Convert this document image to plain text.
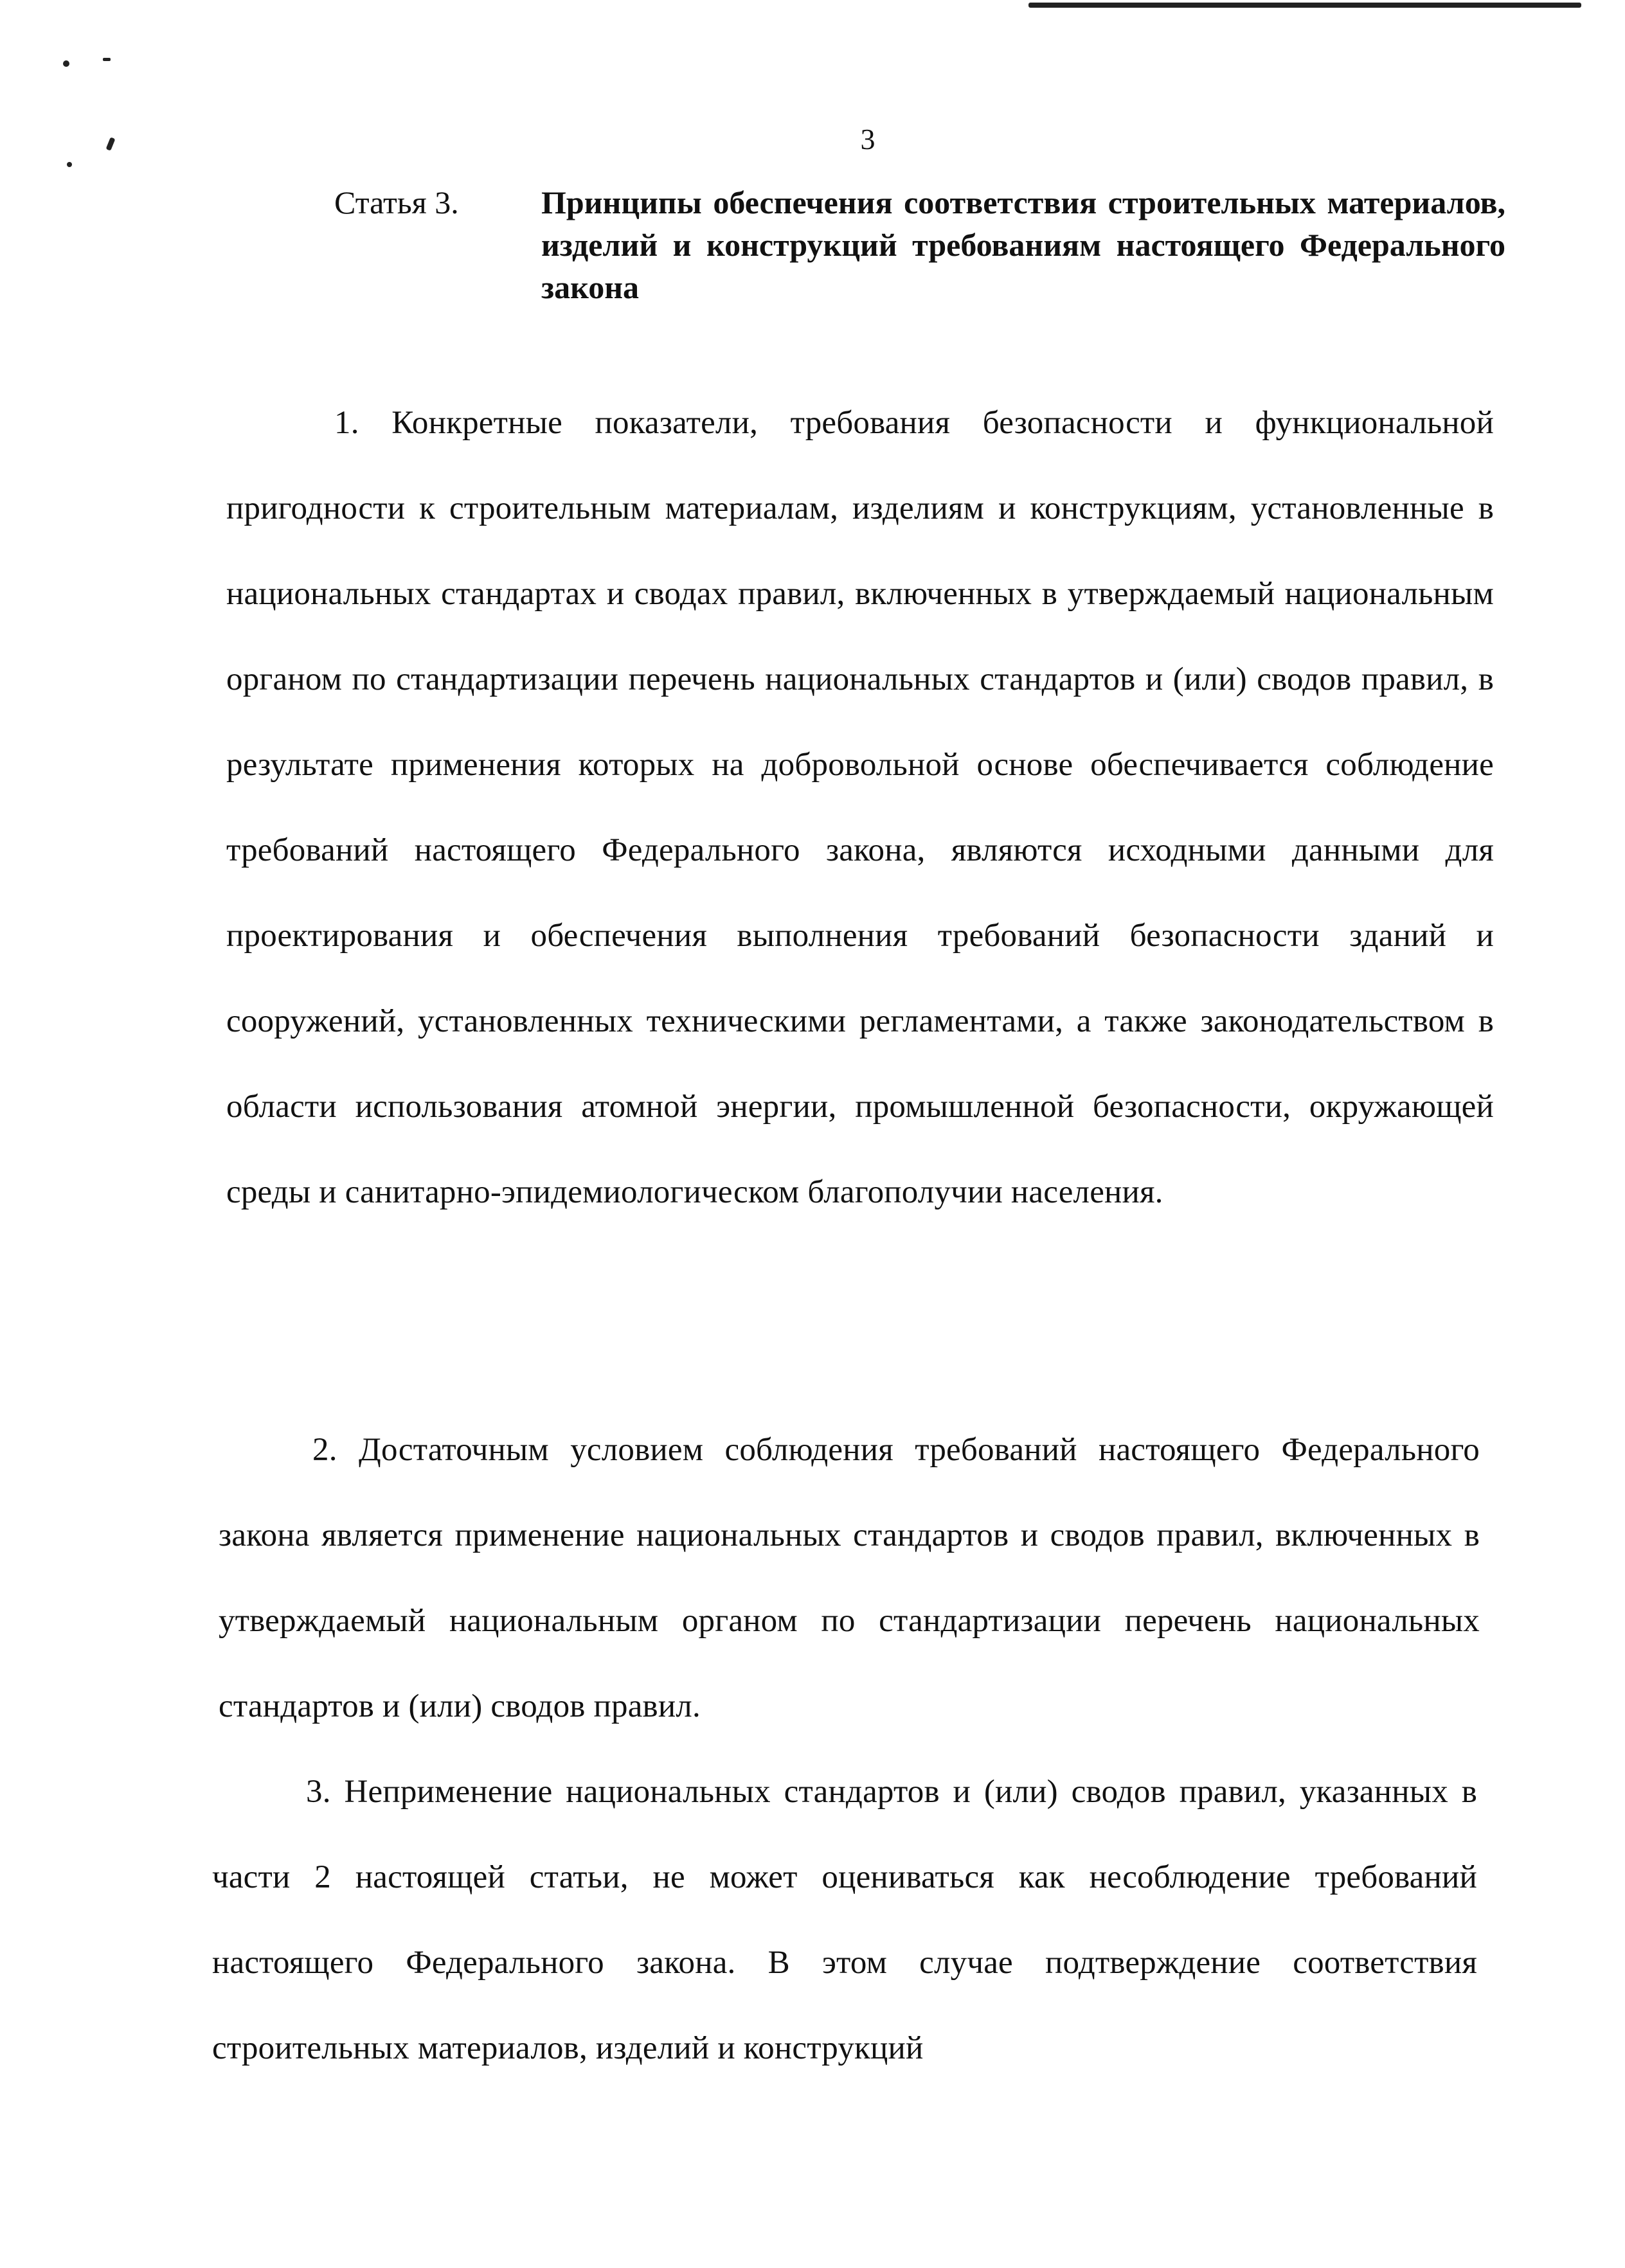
3
Статья 3.	Принципы обеспечения соответствия строительных материалов, изделий и конструкций требованиям настоящего Федерального закона

1. Конкретные показатели, требования безопасности и функциональной пригодности к строительным материалам, изделиям и конструкциям, установленные в национальных стандартах и сводах правил, включенных в утверждаемый национальным органом по стандартизации перечень национальных стандартов и (или) сводов правил, в результате применения которых на добровольной основе обеспечивается соблюдение требований настоящего Федерального закона, являются исходными данными для проектирования и обеспечения выполнения требований безопасности зданий и сооружений, установленных техническими регламентами, а также законодательством в области использования атомной энергии, промышленной безопасности, окружающей среды и санитарно-эпидемиологическом благополучии населения.

2. Достаточным условием соблюдения требований настоящего Федерального закона является применение национальных стандартов и сводов правил, включенных в утверждаемый национальным органом по стандартизации перечень национальных стандартов и (или) сводов правил.

3. Неприменение национальных стандартов и (или) сводов правил, указанных в части 2 настоящей статьи, не может оцениваться как несоблюдение требований настоящего Федерального закона. В этом случае подтверждение соответствия строительных материалов, изделий и конструкций
